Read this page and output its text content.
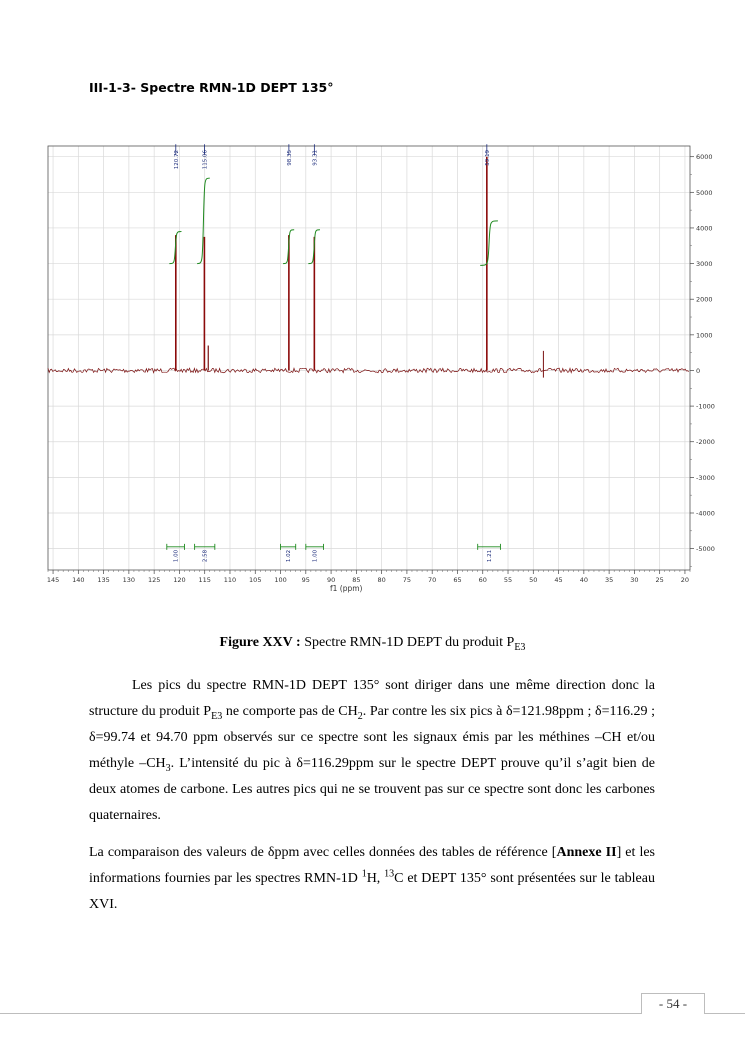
III-1-3- Spectre RMN-1D DEPT 135°
1.00	2.58	1.02	1.00	1.21
120.72	115.06	98.35	93.31	59.19
145 140 135 130 125 120 115 110 105 100 95	90	85	80	75	70	65	60	55	50	45	40	35	30	25	20
6000
5000
4000
3000
2000
1000
0
-1000
-2000
-3000
-4000
-5000
f1 (ppm)

Figure XXV : Spectre RMN-1D DEPT du produit $P_{E3}$

Les pics du spectre RMN-1D DEPT 135° sont diriger dans une même direction donc la structure du produit $P_{E3}$ ne comporte pas de $CH_2$. Par contre les six pics à δ=121.98ppm ; δ=116.29 ; δ=99.74 et 94.70 ppm observés sur ce spectre sont les signaux émis par les méthines –CH et/ou méthyle $-CH_3$. L’intensité du pic à δ=116.29ppm sur le spectre DEPT prouve qu’il s’agit bien de deux atomes de carbone. Les autres pics qui ne se trouvent pas sur ce spectre sont donc les carbones quaternaires.

La comparaison des valeurs de δppm avec celles données des tables de référence [Annexe II] et les informations fournies par les spectres RMN-1D $^1$H, $^{13}$C et DEPT 135° sont présentées sur le tableau XVI.

- 54 -
